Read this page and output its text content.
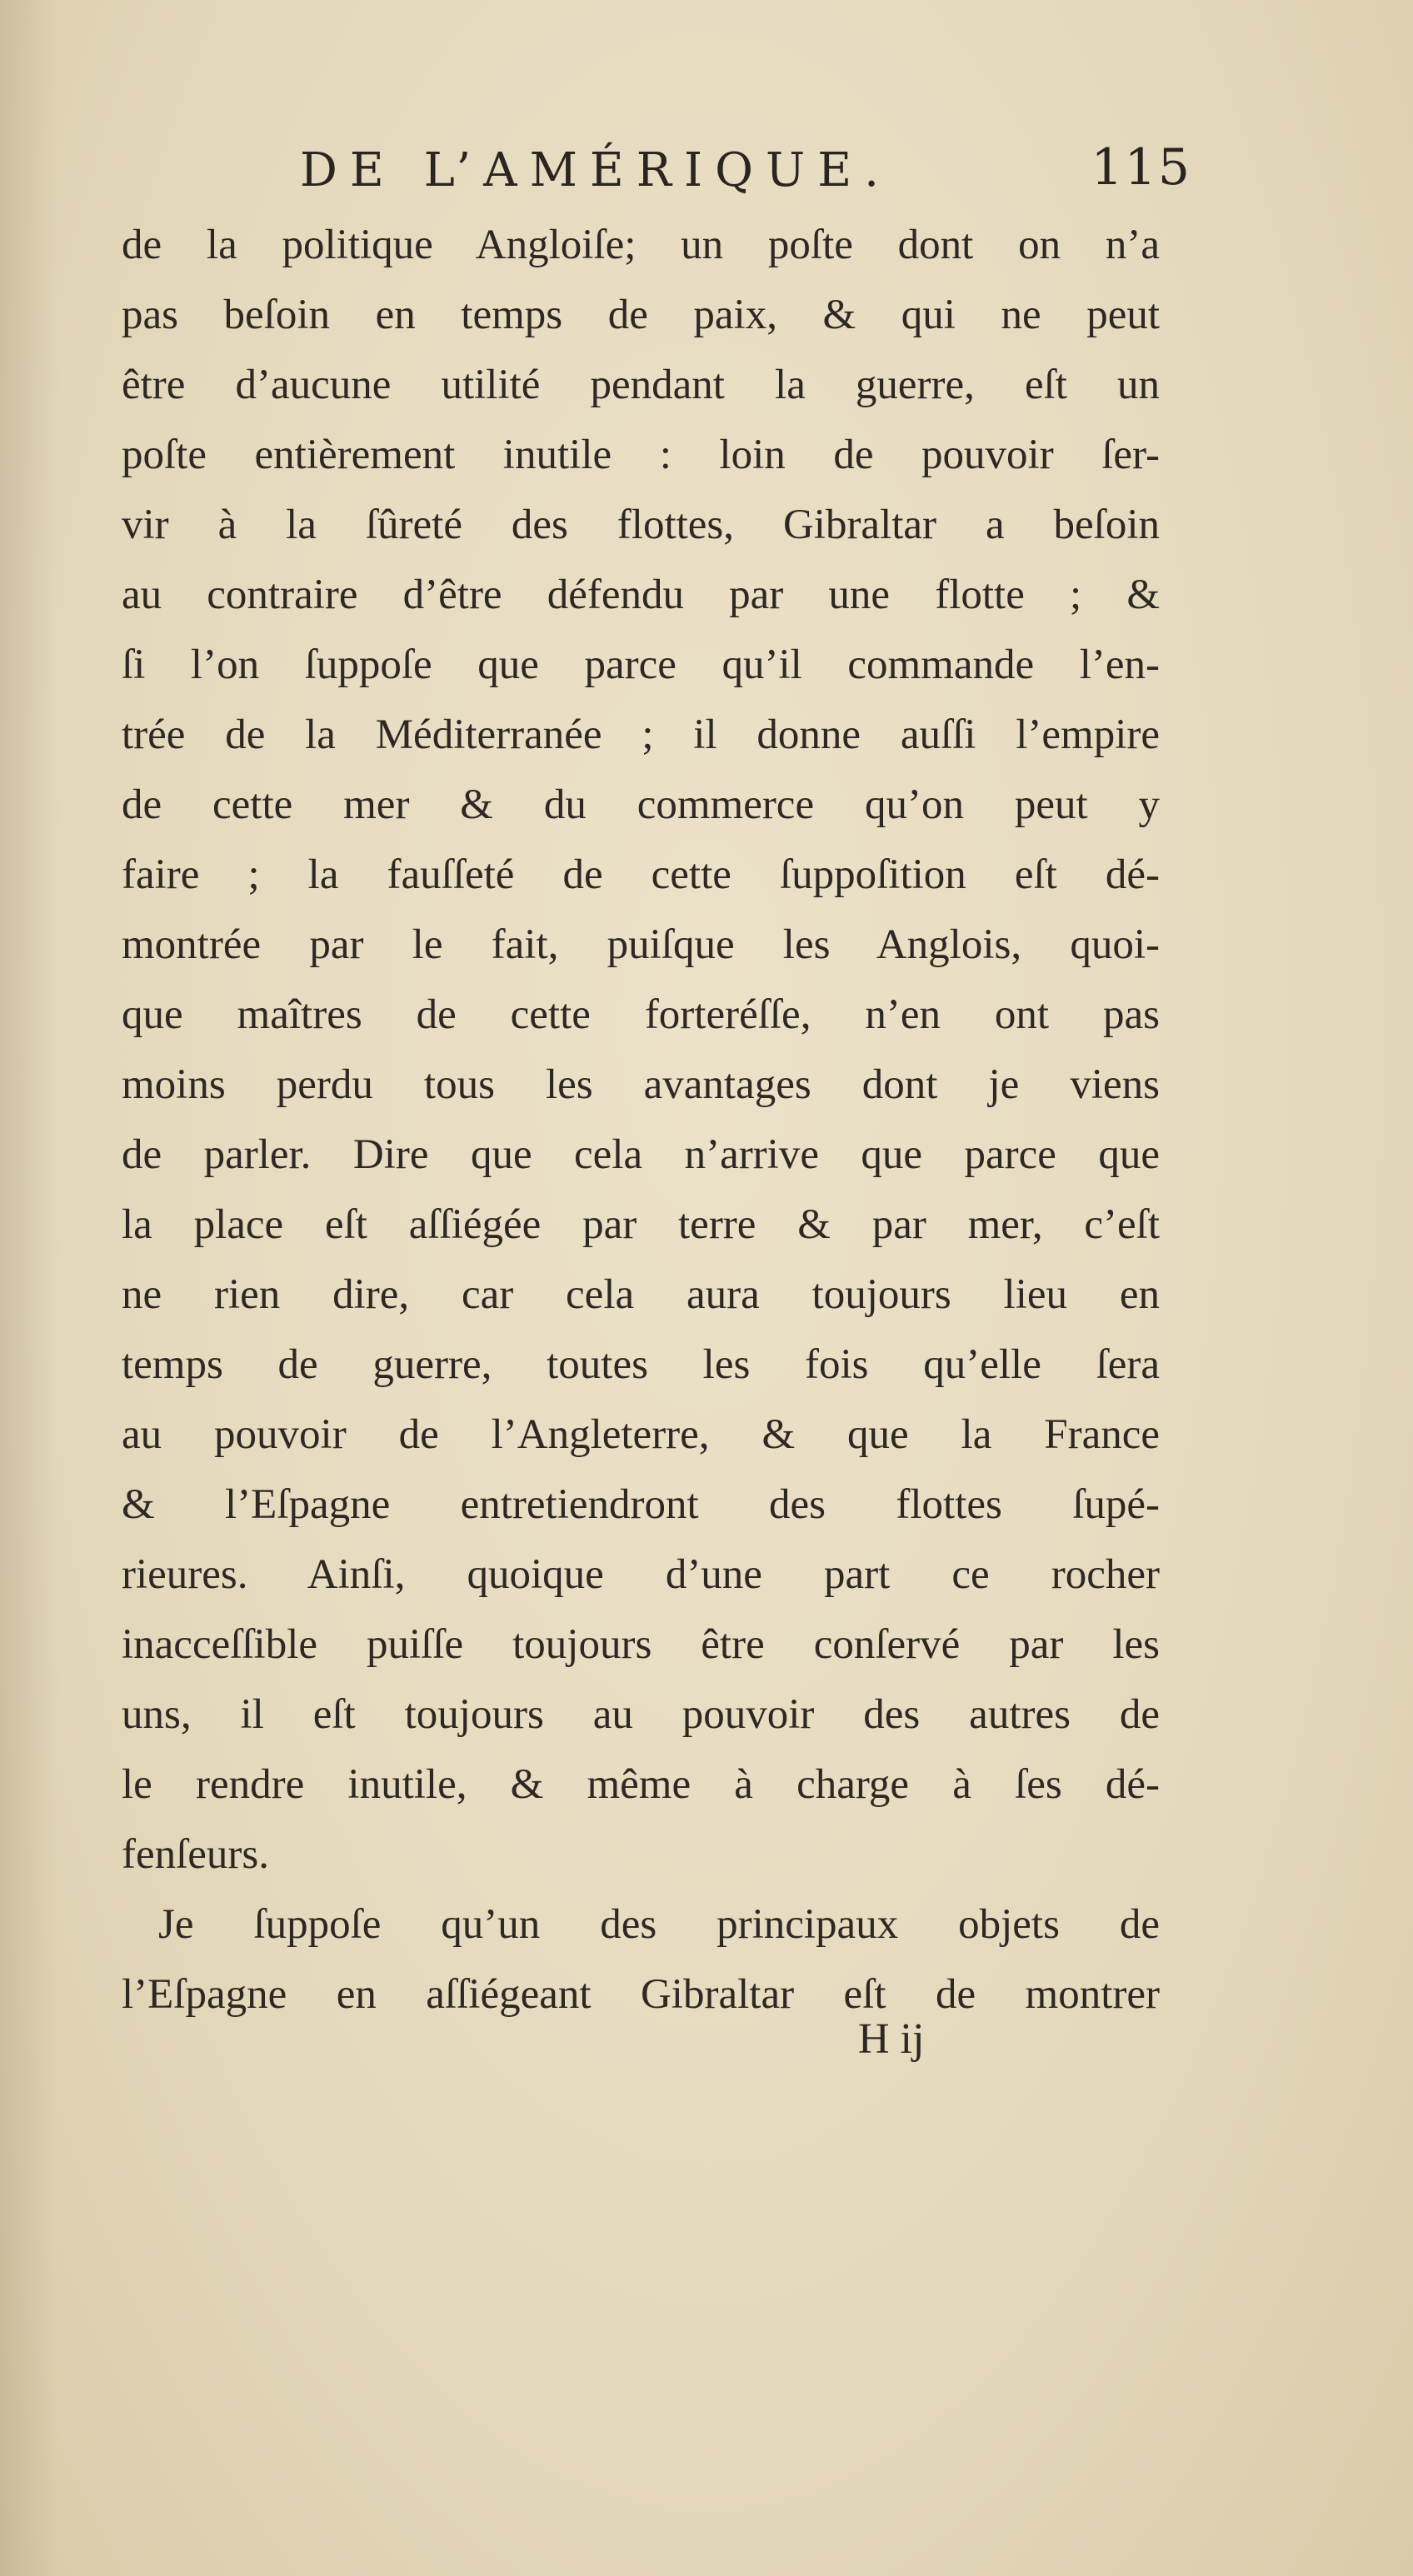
DE L’AMÉRIQUE.	115
de la politique Angloiſe; un poſte dont on n’a
pas beſoin en temps de paix, & qui ne peut
être d’aucune utilité pendant la guerre, eſt un
poſte entièrement inutile : loin de pouvoir ſer-
vir à la ſûreté des flottes, Gibraltar a beſoin
au contraire d’être défendu par une flotte ; &
ſi l’on ſuppoſe que parce qu’il commande l’en-
trée de la Méditerranée ; il donne auſſi l’empire
de cette mer & du commerce qu’on peut y
faire ; la fauſſeté de cette ſuppoſition eſt dé-
montrée par le fait, puiſque les Anglois, quoi-
que maîtres de cette forteréſſe, n’en ont pas
moins perdu tous les avantages dont je viens
de parler. Dire que cela n’arrive que parce que
la place eſt aſſiégée par terre & par mer, c’eſt
ne rien dire, car cela aura toujours lieu en
temps de guerre, toutes les fois qu’elle ſera
au pouvoir de l’Angleterre, & que la France
& l’Eſpagne entretiendront des flottes ſupé-
rieures. Ainſi, quoique d’une part ce rocher
inacceſſible puiſſe toujours être conſervé par les
uns, il eſt toujours au pouvoir des autres de
le rendre inutile, & même à charge à ſes dé-
fenſeurs.
Je ſuppoſe qu’un des principaux objets de
l’Eſpagne en aſſiégeant Gibraltar eſt de montrer
H ij
